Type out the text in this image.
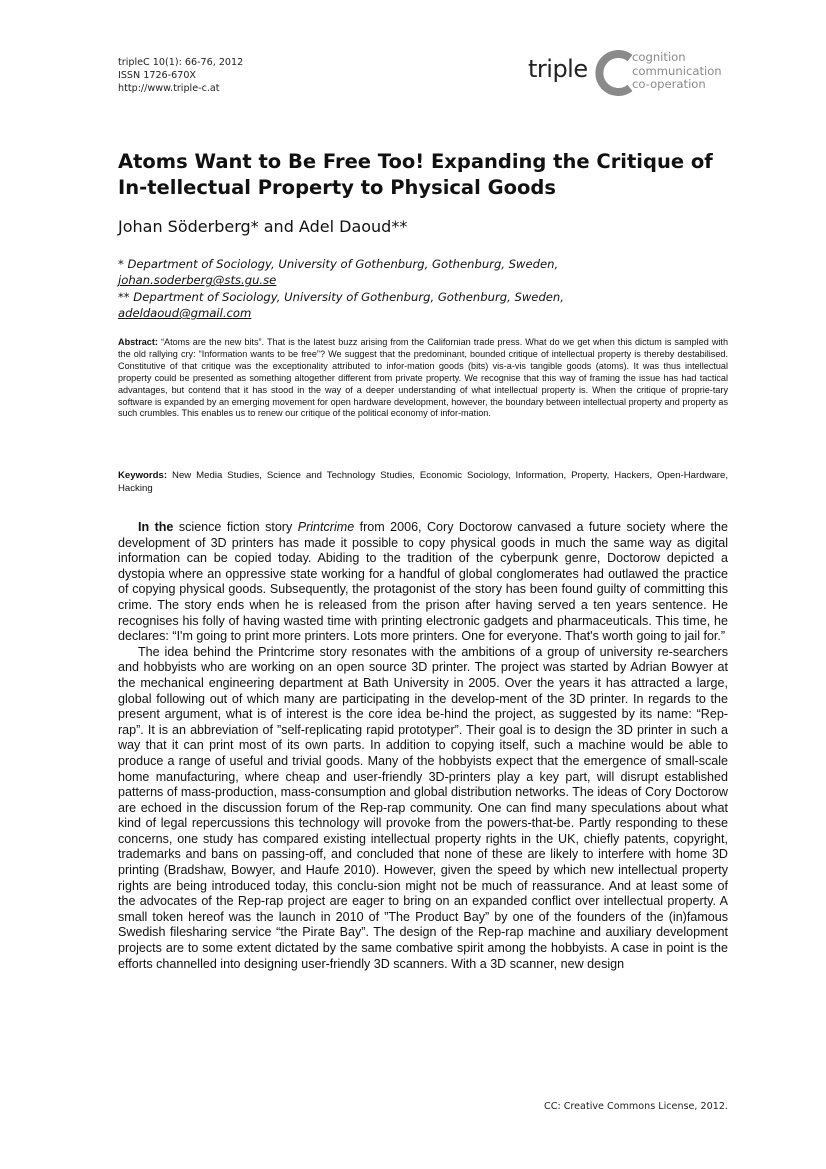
tripleC 10(1): 66-76, 2012
ISSN 1726-670X
http://www.triple-c.at
triple	cognition
communication
co-operation
Atoms Want to Be Free Too! Expanding the Critique of In-tellectual Property to Physical Goods
Johan Söderberg* and Adel Daoud**
* Department of Sociology, University of Gothenburg, Gothenburg, Sweden,
johan.soderberg@sts.gu.se
** Department of Sociology, University of Gothenburg, Gothenburg, Sweden,
adeldaoud@gmail.com

Abstract: “Atoms are the new bits”. That is the latest buzz arising from the Californian trade press. What do we get when this dictum is sampled with the old rallying cry: “Information wants to be free”? We suggest that the predominant, bounded critique of intellectual property is thereby destabilised. Constitutive of that critique was the exceptionality attributed to infor-mation goods (bits) vis-a-vis tangible goods (atoms). It was thus intellectual property could be presented as something altogether different from private property. We recognise that this way of framing the issue has had tactical advantages, but contend that it has stood in the way of a deeper understanding of what intellectual property is. When the critique of proprie-tary software is expanded by an emerging movement for open hardware development, however, the boundary between intellectual property and property as such crumbles. This enables us to renew our critique of the political economy of infor-mation.

Keywords: New Media Studies, Science and Technology Studies, Economic Sociology, Information, Property, Hackers, Open-Hardware, Hacking

In the science fiction story Printcrime from 2006, Cory Doctorow canvased a future society where the development of 3D printers has made it possible to copy physical goods in much the same way as digital information can be copied today. Abiding to the tradition of the cyberpunk genre, Doctorow depicted a dystopia where an oppressive state working for a handful of global conglomerates had outlawed the practice of copying physical goods. Subsequently, the protagonist of the story has been found guilty of committing this crime. The story ends when he is released from the prison after having served a ten years sentence. He recognises his folly of having wasted time with printing electronic gadgets and pharmaceuticals. This time, he declares: “I'm going to print more printers. Lots more printers. One for everyone. That's worth going to jail for.”

The idea behind the Printcrime story resonates with the ambitions of a group of university re-searchers and hobbyists who are working on an open source 3D printer. The project was started by Adrian Bowyer at the mechanical engineering department at Bath University in 2005. Over the years it has attracted a large, global following out of which many are participating in the develop-ment of the 3D printer. In regards to the present argument, what is of interest is the core idea be-hind the project, as suggested by its name: “Rep-rap”. It is an abbreviation of ”self-replicating rapid prototyper”. Their goal is to design the 3D printer in such a way that it can print most of its own parts. In addition to copying itself, such a machine would be able to produce a range of useful and trivial goods. Many of the hobbyists expect that the emergence of small-scale home manufacturing, where cheap and user-friendly 3D-printers play a key part, will disrupt established patterns of mass-production, mass-consumption and global distribution networks. The ideas of Cory Doctorow are echoed in the discussion forum of the Rep-rap community. One can find many speculations about what kind of legal repercussions this technology will provoke from the powers-that-be. Partly responding to these concerns, one study has compared existing intellectual property rights in the UK, chiefly patents, copyright, trademarks and bans on passing-off, and concluded that none of these are likely to interfere with home 3D printing (Bradshaw, Bowyer, and Haufe 2010). However, given the speed by which new intellectual property rights are being introduced today, this conclu-sion might not be much of reassurance. And at least some of the advocates of the Rep-rap project are eager to bring on an expanded conflict over intellectual property. A small token hereof was the launch in 2010 of ”The Product Bay” by one of the founders of the (in)famous Swedish filesharing service “the Pirate Bay”. The design of the Rep-rap machine and auxiliary development projects are to some extent dictated by the same combative spirit among the hobbyists. A case in point is the efforts channelled into designing user-friendly 3D scanners. With a 3D scanner, new design

CC: Creative Commons License, 2012.
